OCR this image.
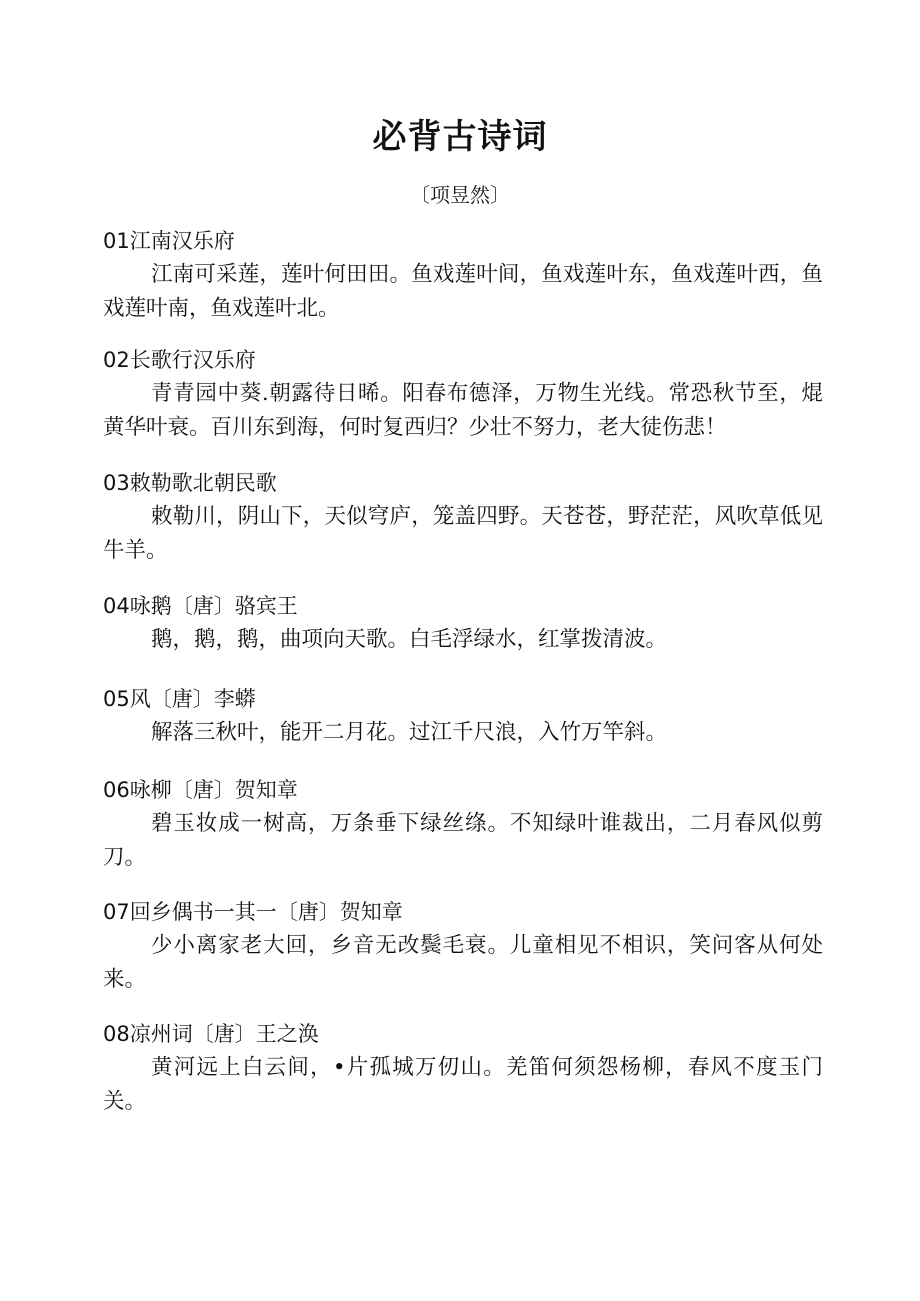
必背古诗词
〔项昱然〕
01江南汉乐府
江南可采莲，莲叶何田田。鱼戏莲叶间，鱼戏莲叶东，鱼戏莲叶西，鱼戏莲叶南，鱼戏莲叶北。
02长歌行汉乐府
青青园中葵.朝露待日晞。阳春布德泽，万物生光线。常恐秋节至，焜黄华叶衰。百川东到海，何时复西归？少壮不努力，老大徒伤悲！
03敕勒歌北朝民歌
敕勒川，阴山下，天似穹庐，笼盖四野。天苍苍，野茫茫，风吹草低见牛羊。
04咏鹅〔唐〕骆宾王
鹅，鹅，鹅，曲项向天歌。白毛浮绿水，红掌拨清波。
05风〔唐〕李蟒
解落三秋叶，能开二月花。过江千尺浪，入竹万竿斜。
06咏柳〔唐〕贺知章
碧玉妆成一树高，万条垂下绿丝绦。不知绿叶谁裁出，二月春风似剪刀。
07回乡偶书一其一〔唐〕贺知章
少小离家老大回，乡音无改鬓毛衰。儿童相见不相识，笑问客从何处来。
08凉州词〔唐〕王之涣
黄河远上白云间，•片孤城万仞山。羌笛何须怨杨柳，春风不度玉门关。
